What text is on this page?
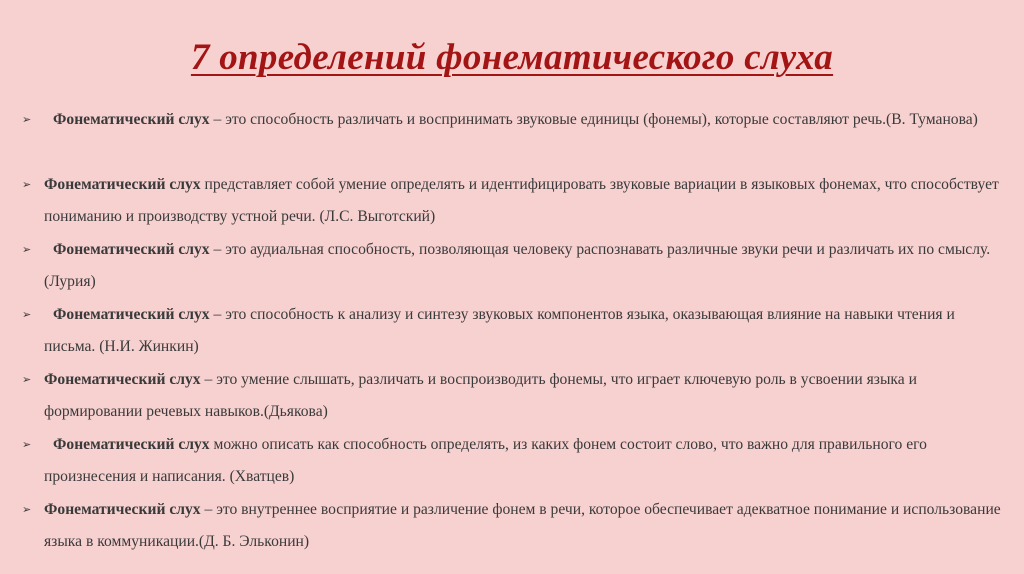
7 определений фонематического слуха
➢ Фонематический слух – это способность различать и воспринимать звуковые единицы (фонемы), которые составляют речь.(В. Туманова)
➢ Фонематический слух представляет собой умение определять и идентифицировать звуковые вариации в языковых фонемах, что способствует пониманию и производству устной речи. (Л.С. Выготский)
➢ Фонематический слух – это аудиальная способность, позволяющая человеку распознавать различные звуки речи и различать их по смыслу. (Лурия)
➢ Фонематический слух – это способность к анализу и синтезу звуковых компонентов языка, оказывающая влияние на навыки чтения и письма. (Н.И. Жинкин)
➢ Фонематический слух – это умение слышать, различать и воспроизводить фонемы, что играет ключевую роль в усвоении языка и формировании речевых навыков.(Дьякова)
➢ Фонематический слух можно описать как способность определять, из каких фонем состоит слово, что важно для правильного его произнесения и написания. (Хватцев)
➢ Фонематический слух – это внутреннее восприятие и различение фонем в речи, которое обеспечивает адекватное понимание и использование языка в коммуникации.(Д. Б. Эльконин)
